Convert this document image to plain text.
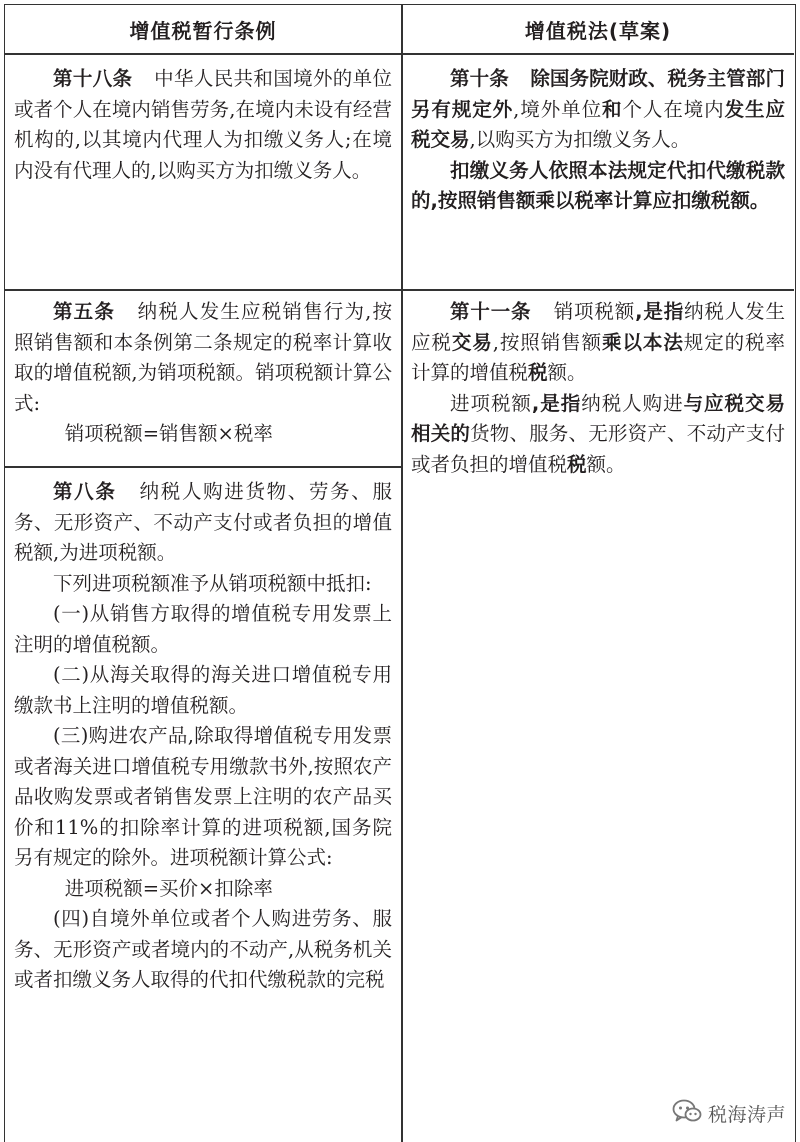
增值税暂行条例	增值税法(草案)

第十八条 中华人民共和国境外的单位或者个人在境内销售劳务,在境内未设有经营机构的,以其境内代理人为扣缴义务人;在境内没有代理人的,以购买方为扣缴义务人。

第十条 除国务院财政、税务主管部门另有规定外,境外单位和个人在境内发生应税交易,以购买方为扣缴义务人。

扣缴义务人依照本法规定代扣代缴税款的,按照销售额乘以税率计算应扣缴税额。

第五条 纳税人发生应税销售行为,按照销售额和本条例第二条规定的税率计算收取的增值税额,为销项税额。销项税额计算公式:

销项税额=销售额×税率

第十一条 销项税额,是指纳税人发生应税交易,按照销售额乘以本法规定的税率计算的增值税税额。

进项税额,是指纳税人购进与应税交易相关的货物、服务、无形资产、不动产支付或者负担的增值税税额。

第八条 纳税人购进货物、劳务、服务、无形资产、不动产支付或者负担的增值税额,为进项税额。

下列进项税额准予从销项税额中抵扣:

(一)从销售方取得的增值税专用发票上注明的增值税额。

(二)从海关取得的海关进口增值税专用缴款书上注明的增值税额。

(三)购进农产品,除取得增值税专用发票或者海关进口增值税专用缴款书外,按照农产品收购发票或者销售发票上注明的农产品买价和11%的扣除率计算的进项税额,国务院另有规定的除外。进项税额计算公式:

进项税额=买价×扣除率

(四)自境外单位或者个人购进劳务、服务、无形资产或者境内的不动产,从税务机关或者扣缴义务人取得的代扣代缴税款的完税

税海涛声
